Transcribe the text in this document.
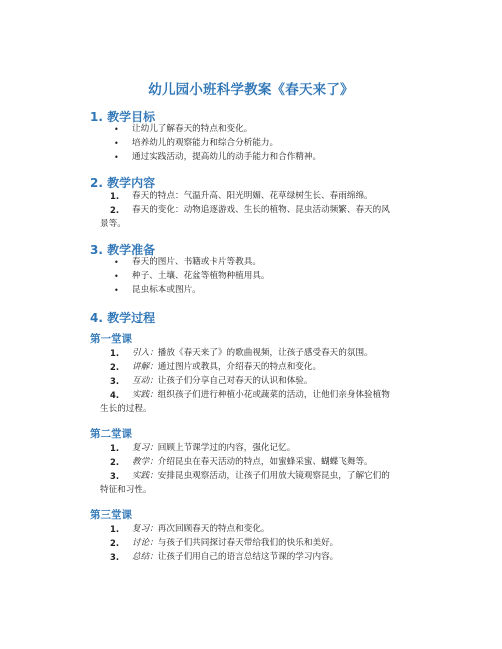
幼儿园小班科学教案《春天来了》
1. 教学目标
• 让幼儿了解春天的特点和变化。
• 培养幼儿的观察能力和综合分析能力。
• 通过实践活动，提高幼儿的动手能力和合作精神。
2. 教学内容
1. 春天的特点：气温升高、阳光明媚、花草绿树生长、春雨绵绵。
2. 春天的变化：动物追逐游戏、生长的植物、昆虫活动频繁、春天的风
景等。
3. 教学准备
• 春天的图片、书籍或卡片等教具。
• 种子、土壤、花盆等植物种植用具。
• 昆虫标本或图片。
4. 教学过程
第一堂课
1. 引入：播放《春天来了》的歌曲视频，让孩子感受春天的氛围。
2. 讲解：通过图片或教具，介绍春天的特点和变化。
3. 互动：让孩子们分享自己对春天的认识和体验。
4. 实践：组织孩子们进行种植小花或蔬菜的活动，让他们亲身体验植物
生长的过程。
第二堂课
1. 复习：回顾上节课学过的内容，强化记忆。
2. 教学：介绍昆虫在春天活动的特点，如蜜蜂采蜜、蝴蝶飞舞等。
3. 实践：安排昆虫观察活动，让孩子们用放大镜观察昆虫，了解它们的
特征和习性。
第三堂课
1. 复习：再次回顾春天的特点和变化。
2. 讨论：与孩子们共同探讨春天带给我们的快乐和美好。
3. 总结：让孩子们用自己的语言总结这节课的学习内容。
